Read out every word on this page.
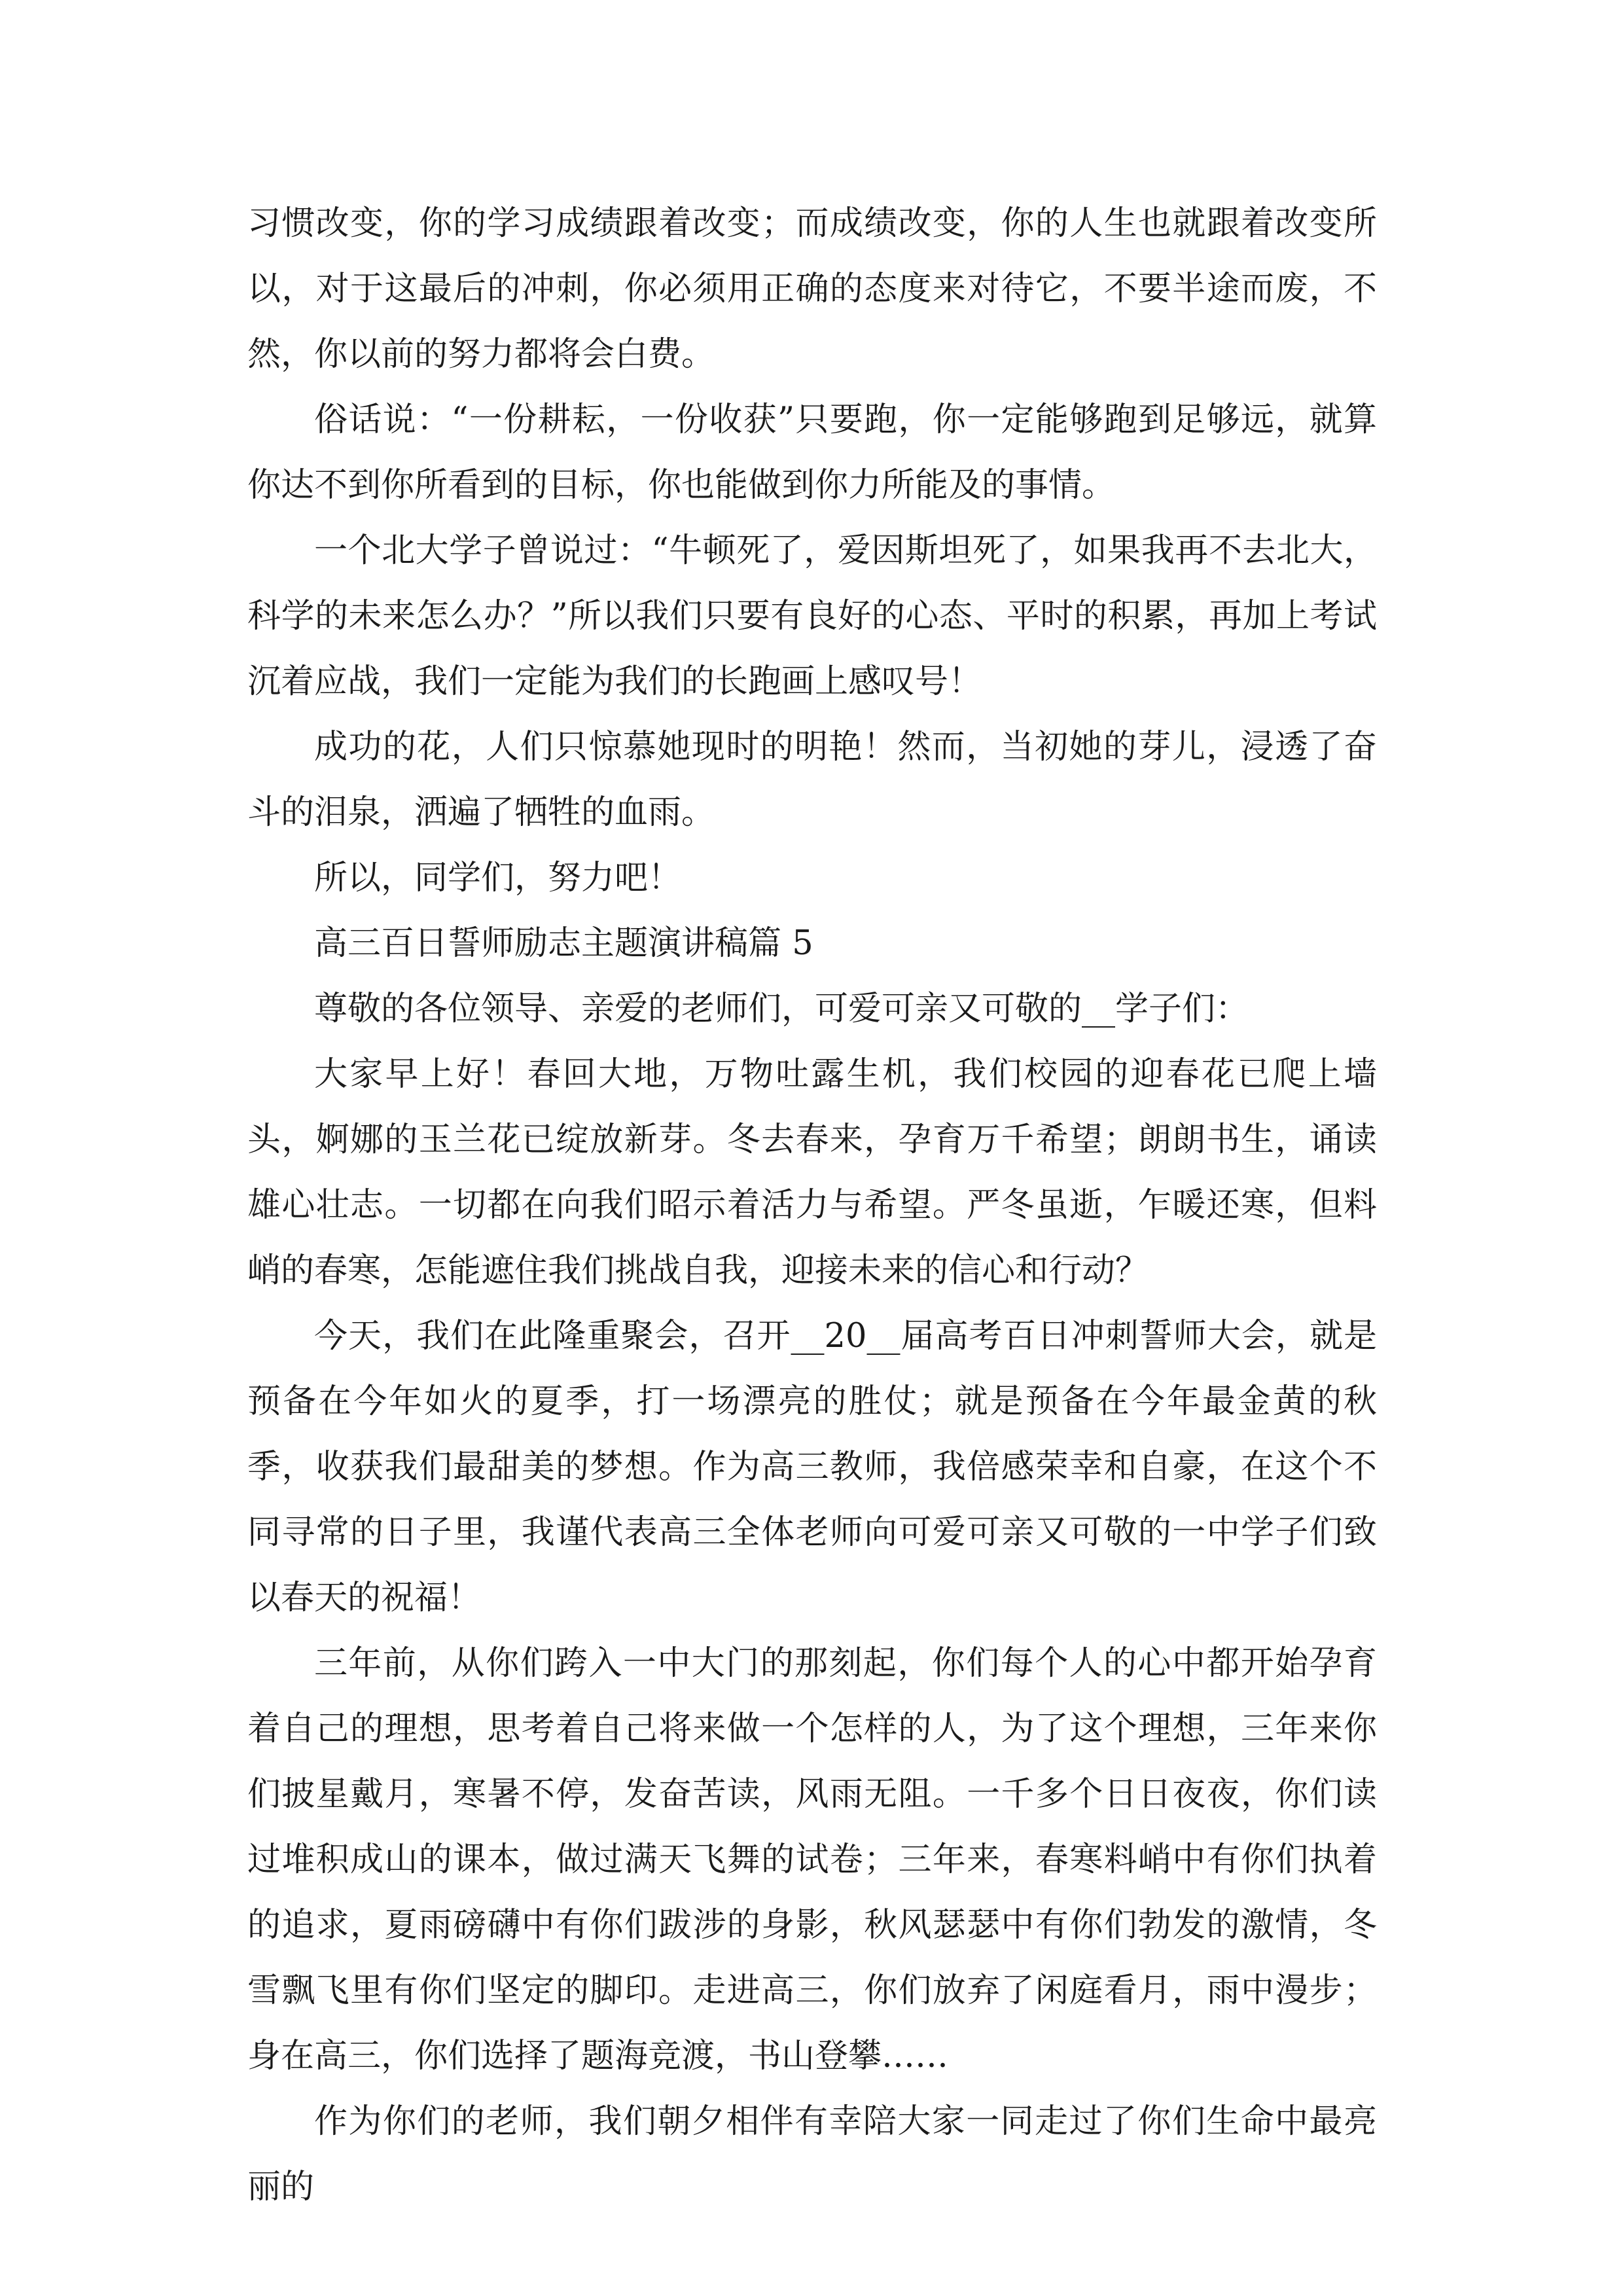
习惯改变，你的学习成绩跟着改变；而成绩改变，你的人生也就跟着改变所以，对于这最后的冲刺，你必须用正确的态度来对待它，不要半途而废，不然，你以前的努力都将会白费。

俗话说：“一份耕耘，一份收获”只要跑，你一定能够跑到足够远，就算你达不到你所看到的目标，你也能做到你力所能及的事情。

一个北大学子曾说过：“牛顿死了，爱因斯坦死了，如果我再不去北大，科学的未来怎么办？”所以我们只要有良好的心态、平时的积累，再加上考试沉着应战，我们一定能为我们的长跑画上感叹号！

成功的花，人们只惊慕她现时的明艳！然而，当初她的芽儿，浸透了奋斗的泪泉，洒遍了牺牲的血雨。

所以，同学们，努力吧！

高三百日誓师励志主题演讲稿篇 5

尊敬的各位领导、亲爱的老师们，可爱可亲又可敬的__学子们：

大家早上好！春回大地，万物吐露生机，我们校园的迎春花已爬上墙头，婀娜的玉兰花已绽放新芽。冬去春来，孕育万千希望；朗朗书生，诵读雄心壮志。一切都在向我们昭示着活力与希望。严冬虽逝，乍暖还寒，但料峭的春寒，怎能遮住我们挑战自我，迎接未来的信心和行动？

今天，我们在此隆重聚会，召开__20__届高考百日冲刺誓师大会，就是预备在今年如火的夏季，打一场漂亮的胜仗；就是预备在今年最金黄的秋季，收获我们最甜美的梦想。作为高三教师，我倍感荣幸和自豪，在这个不同寻常的日子里，我谨代表高三全体老师向可爱可亲又可敬的一中学子们致以春天的祝福！

三年前，从你们跨入一中大门的那刻起，你们每个人的心中都开始孕育着自己的理想，思考着自己将来做一个怎样的人，为了这个理想，三年来你们披星戴月，寒暑不停，发奋苦读，风雨无阻。一千多个日日夜夜，你们读过堆积成山的课本，做过满天飞舞的试卷；三年来，春寒料峭中有你们执着的追求，夏雨磅礴中有你们跋涉的身影，秋风瑟瑟中有你们勃发的激情，冬雪飘飞里有你们坚定的脚印。走进高三，你们放弃了闲庭看月，雨中漫步；身在高三，你们选择了题海竞渡，书山登攀……

作为你们的老师，我们朝夕相伴有幸陪大家一同走过了你们生命中最亮丽的
